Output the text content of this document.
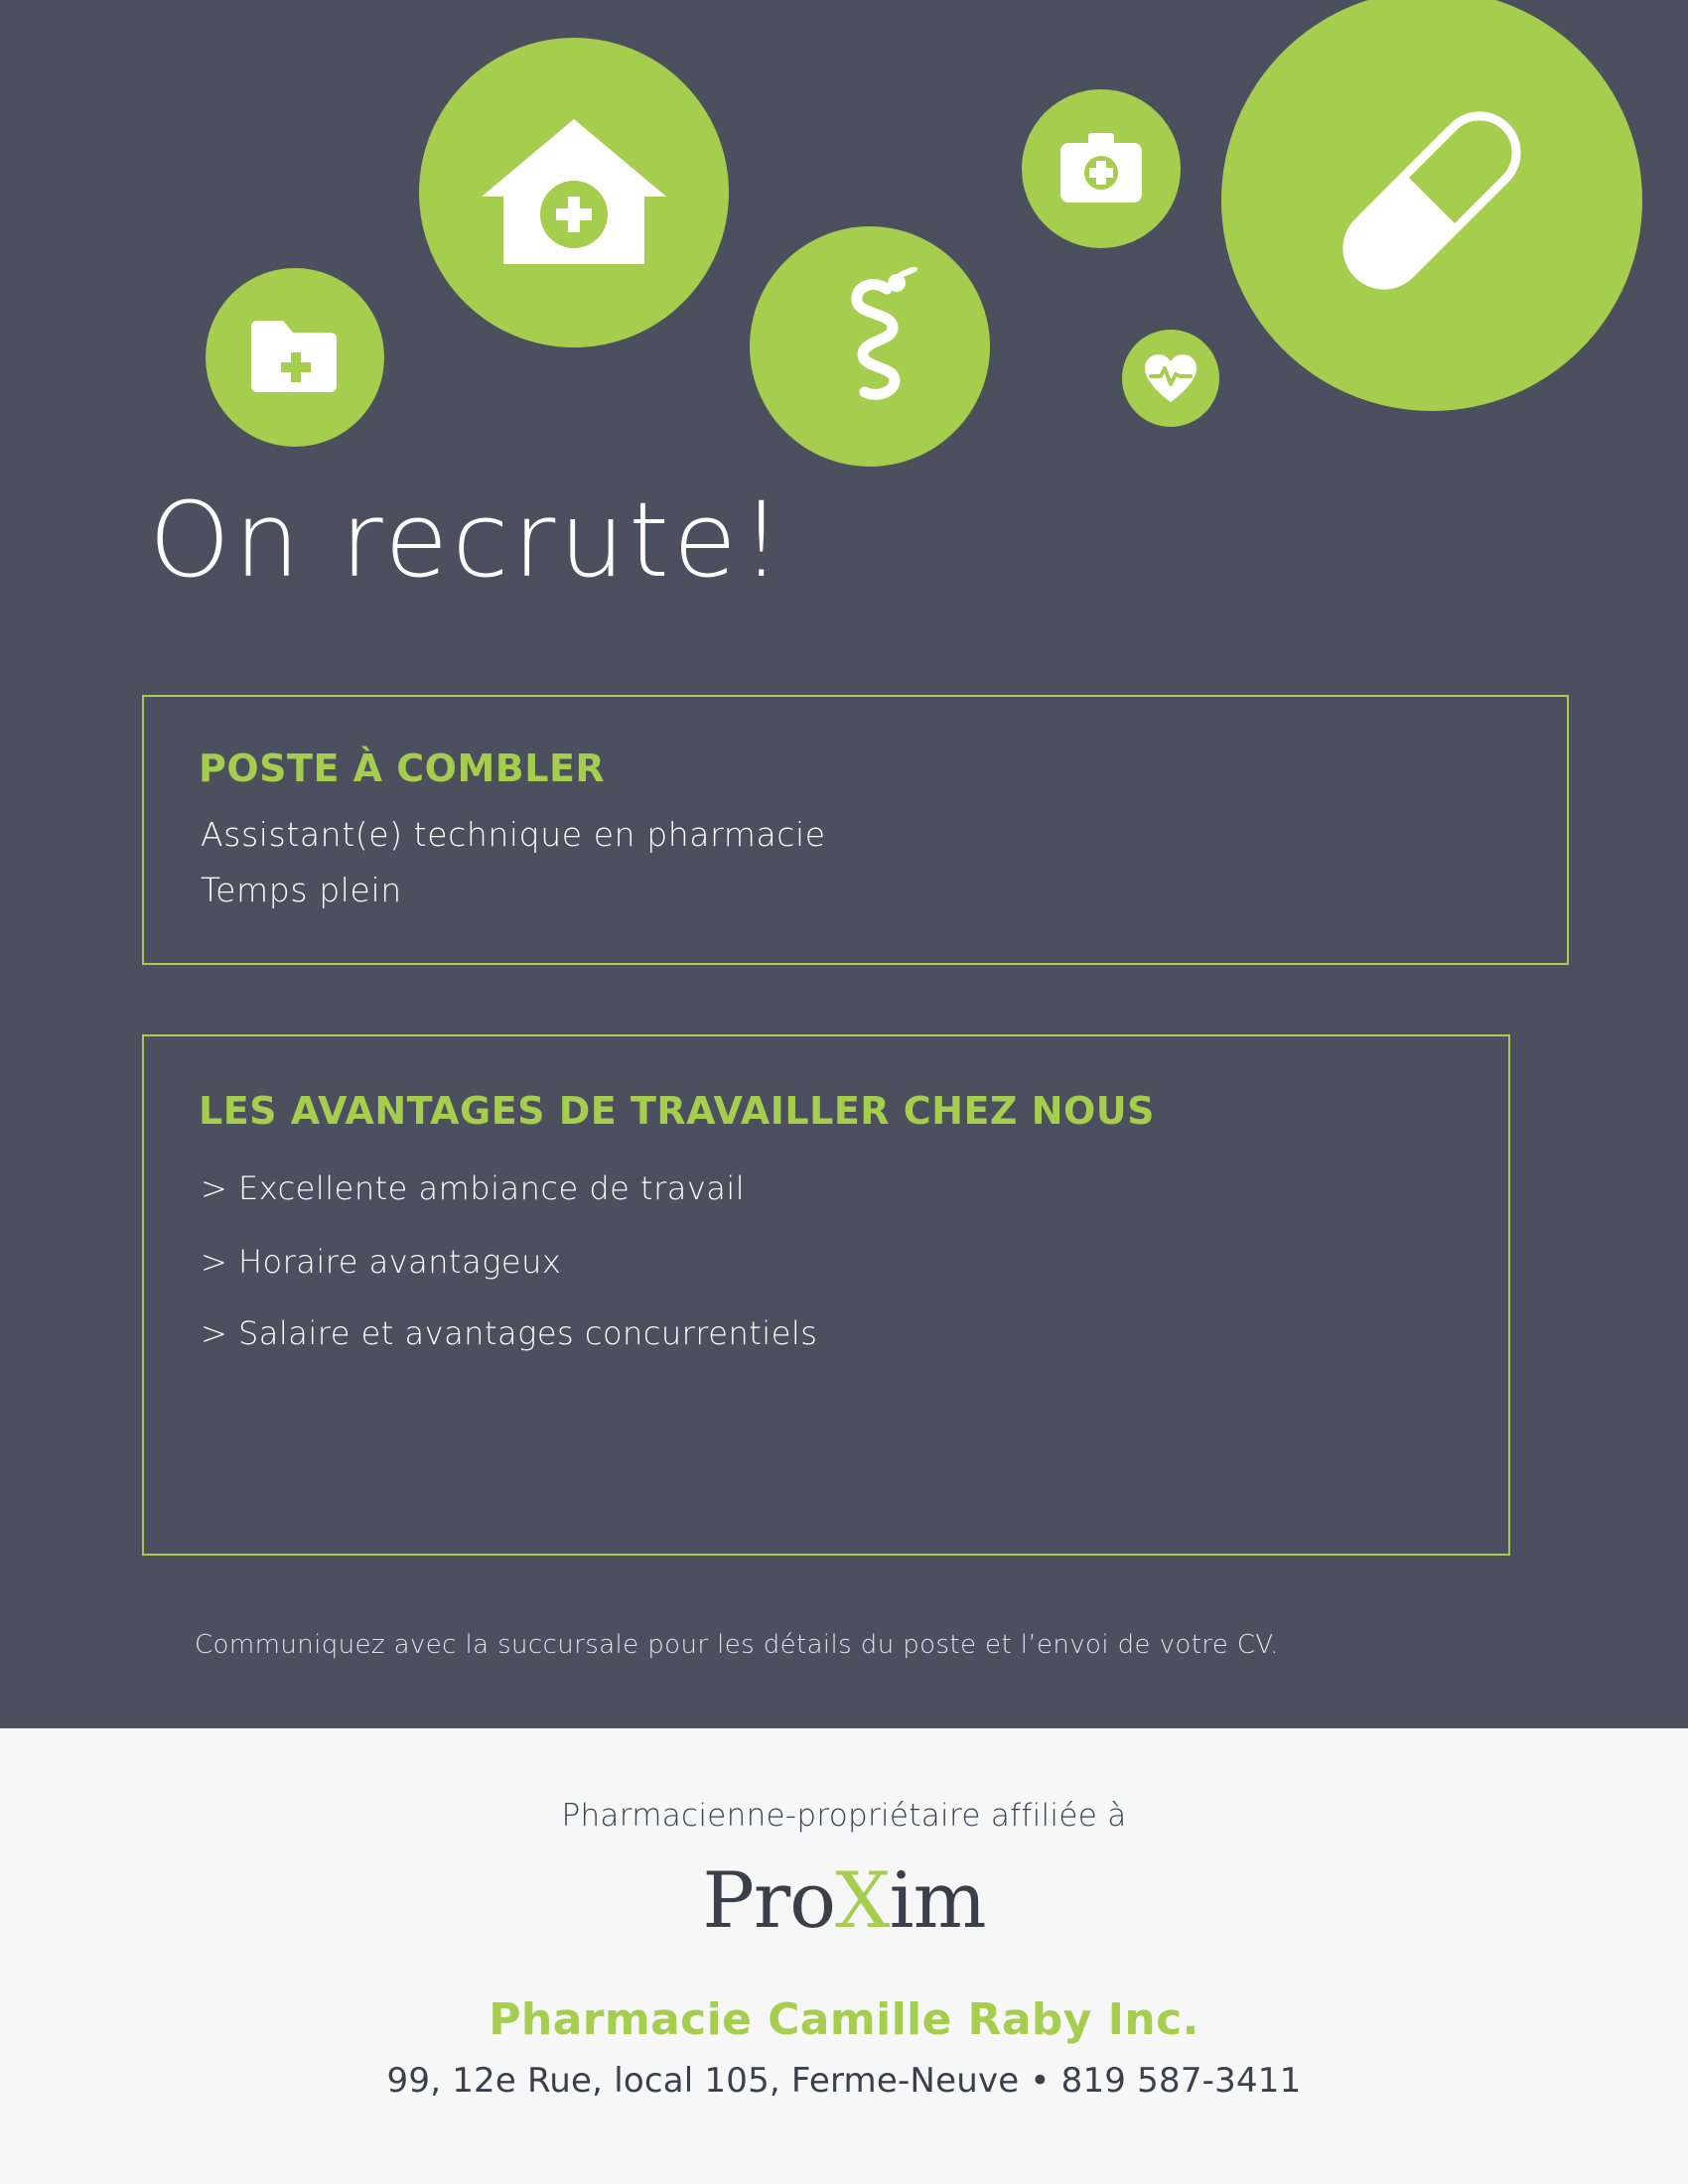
On recrute!
POSTE À COMBLER
Assistant(e) technique en pharmacie
Temps plein
LES AVANTAGES DE TRAVAILLER CHEZ NOUS
> Excellente ambiance de travail
> Horaire avantageux
> Salaire et avantages concurrentiels
Communiquez avec la succursale pour les détails du poste et l’envoi de votre CV.
Pharmacienne-propriétaire affiliée à
ProXim
Pharmacie Camille Raby Inc.
99, 12e Rue, local 105, Ferme-Neuve • 819 587-3411
